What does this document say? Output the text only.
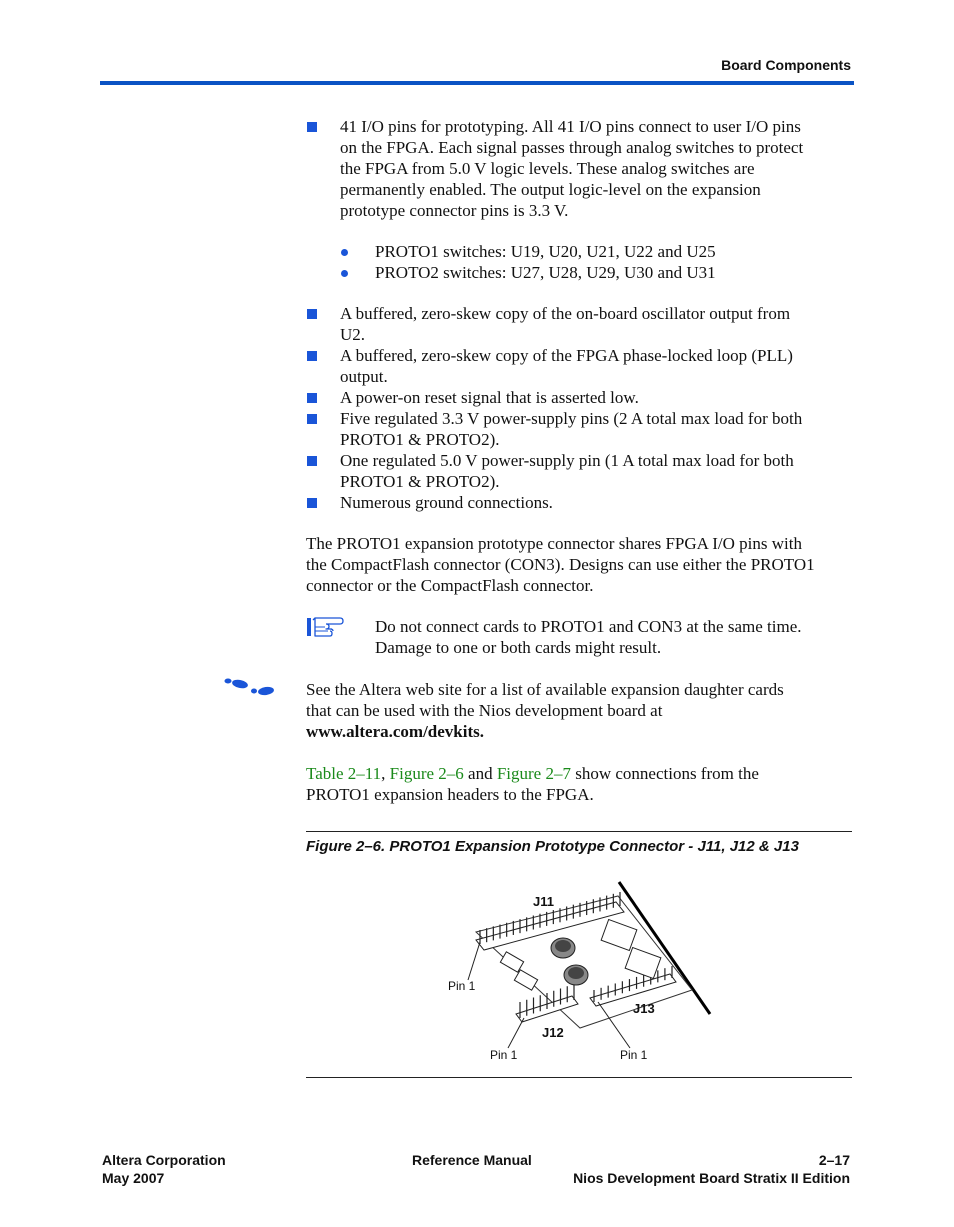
Board Components
41 I/O pins for prototyping. All 41 I/O pins connect to user I/O pins
on the FPGA. Each signal passes through analog switches to protect
the FPGA from 5.0 V logic levels. These analog switches are
permanently enabled. The output logic-level on the expansion
prototype connector pins is 3.3 V.
PROTO1 switches: U19, U20, U21, U22 and U25
PROTO2 switches: U27, U28, U29, U30 and U31
A buffered, zero-skew copy of the on-board oscillator output from
U2.
A buffered, zero-skew copy of the FPGA phase-locked loop (PLL)
output.
A power-on reset signal that is asserted low.
Five regulated 3.3 V power-supply pins (2 A total max load for both
PROTO1 & PROTO2).
One regulated 5.0 V power-supply pin (1 A total max load for both
PROTO1 & PROTO2).
Numerous ground connections.
The PROTO1 expansion prototype connector shares FPGA I/O pins with
the CompactFlash connector (CON3). Designs can use either the PROTO1
connector or the CompactFlash connector.
Do not connect cards to PROTO1 and CON3 at the same time.
Damage to one or both cards might result.
See the Altera web site for a list of available expansion daughter cards
that can be used with the Nios development board at
www.altera.com/devkits.
Table 2–11, Figure 2–6 and Figure 2–7 show connections from the
PROTO1 expansion headers to the FPGA.
Figure 2–6. PROTO1 Expansion Prototype Connector - J11, J12 & J13
J11
J13
J12
Pin 1
Pin 1	Pin 1
Altera Corporation
May 2007
Reference Manual	2–17
Nios Development Board Stratix II Edition
